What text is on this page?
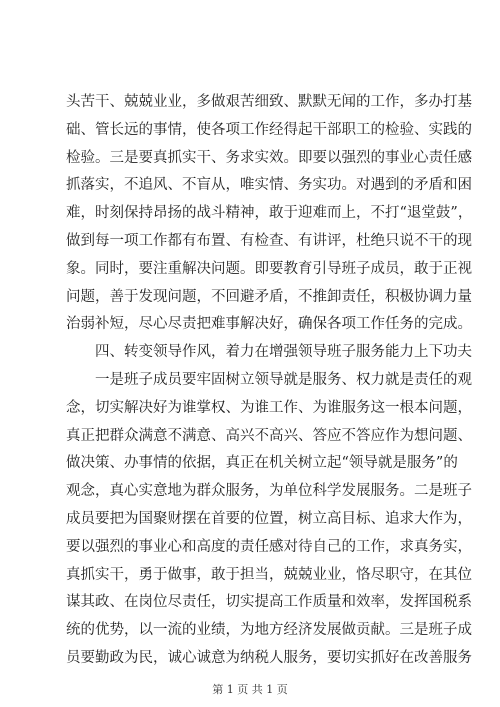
头苦干、兢兢业业，多做艰苦细致、默默无闻的工作，多办打基
础、管长远的事情，使各项工作经得起干部职工的检验、实践的
检验。三是要真抓实干、务求实效。即要以强烈的事业心责任感
抓落实，不追风、不盲从，唯实情、务实功。对遇到的矛盾和困
难，时刻保持昂扬的战斗精神，敢于迎难而上，不打“退堂鼓”，
做到每一项工作都有布置、有检查、有讲评，杜绝只说不干的现
象。同时，要注重解决问题。即要教育引导班子成员，敢于正视
问题，善于发现问题，不回避矛盾，不推卸责任，积极协调力量
治弱补短，尽心尽责把难事解决好，确保各项工作任务的完成。
四、转变领导作风，着力在增强领导班子服务能力上下功夫
一是班子成员要牢固树立领导就是服务、权力就是责任的观
念，切实解决好为谁掌权、为谁工作、为谁服务这一根本问题，
真正把群众满意不满意、高兴不高兴、答应不答应作为想问题、
做决策、办事情的依据，真正在机关树立起“领导就是服务”的
观念，真心实意地为群众服务，为单位科学发展服务。二是班子
成员要把为国聚财摆在首要的位置，树立高目标、追求大作为，
要以强烈的事业心和高度的责任感对待自己的工作，求真务实，
真抓实干，勇于做事，敢于担当，兢兢业业，恪尽职守，在其位
谋其政、在岗位尽责任，切实提高工作质量和效率，发挥国税系
统的优势，以一流的业绩，为地方经济发展做贡献。三是班子成
员要勤政为民，诚心诚意为纳税人服务，要切实抓好在改善服务
第 1 页 共 1 页
